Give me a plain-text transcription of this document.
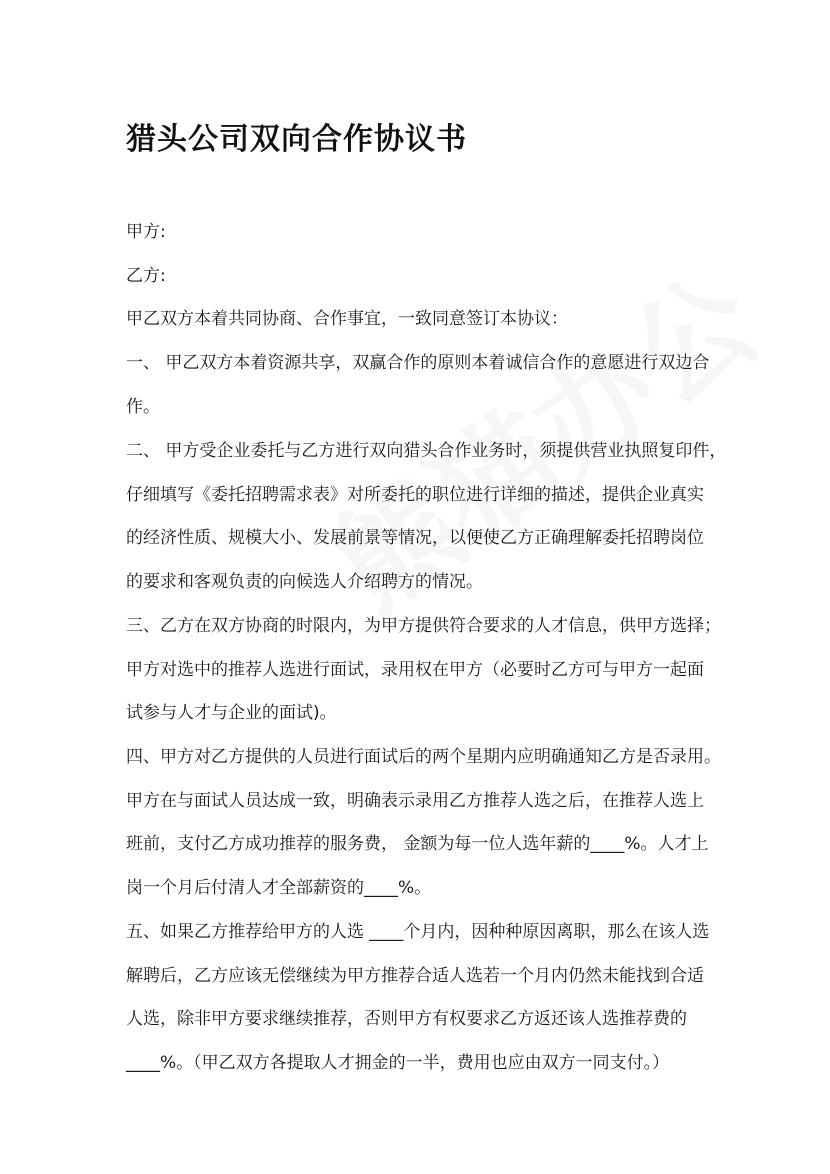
猎头公司双向合作协议书

甲方:

乙方:

甲乙双方本着共同协商、合作事宜，一致同意签订本协议：

一、 甲乙双方本着资源共享，双赢合作的原则本着诚信合作的意愿进行双边合

作。

二、 甲方受企业委托与乙方进行双向猎头合作业务时，须提供营业执照复印件，

仔细填写《委托招聘需求表》对所委托的职位进行详细的描述，提供企业真实

的经济性质、规模大小、发展前景等情况，以便使乙方正确理解委托招聘岗位

的要求和客观负责的向候选人介绍聘方的情况。

三、乙方在双方协商的时限内，为甲方提供符合要求的人才信息，供甲方选择；

甲方对选中的推荐人选进行面试，录用权在甲方（必要时乙方可与甲方一起面

试参与人才与企业的面试)。

四、甲方对乙方提供的人员进行面试后的两个星期内应明确通知乙方是否录用。

甲方在与面试人员达成一致，明确表示录用乙方推荐人选之后，在推荐人选上

班前，支付乙方成功推荐的服务费， 金额为每一位人选年薪的____%。人才上

岗一个月后付清人才全部薪资的____%。

五、如果乙方推荐给甲方的人选 ____个月内，因种种原因离职，那么在该人选

解聘后，乙方应该无偿继续为甲方推荐合适人选若一个月内仍然未能找到合适

人选，除非甲方要求继续推荐，否则甲方有权要求乙方返还该人选推荐费的

____%。（甲乙双方各提取人才拥金的一半，费用也应由双方一同支付。）
